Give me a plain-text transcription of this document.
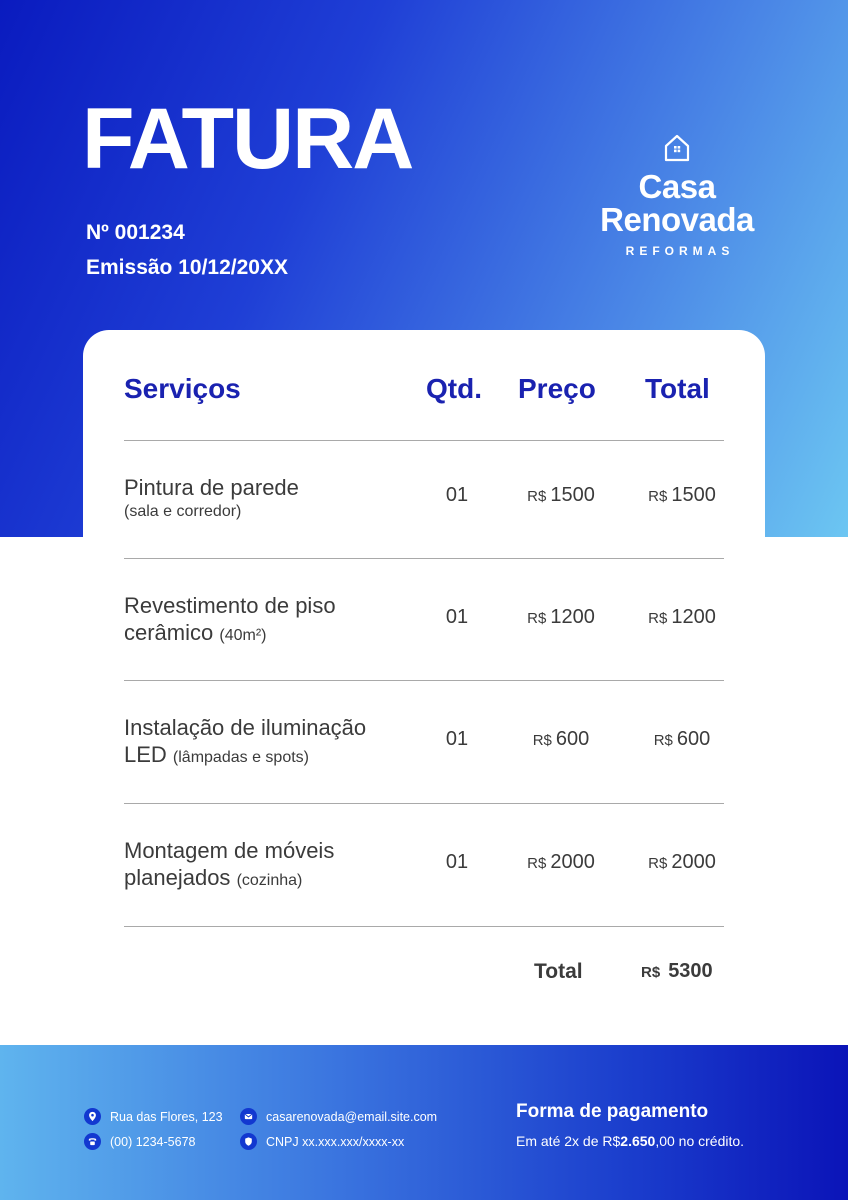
FATURA
Nº 001234
Emissão 10/12/20XX
Casa
Renovada
REFORMAS
Serviços	Qtd. Preço Total
Pintura de parede
(sala e corredor)
01	R$ 1500	R$ 1500
Revestimento de piso
cerâmico (40m²)
01	R$ 1200	R$ 1200
Instalação de iluminação
LED (lâmpadas e spots)
01	R$ 600	R$ 600
Montagem de móveis
planejados (cozinha)
01	R$ 2000	R$ 2000
Total	R$ 5300
Rua das Flores, 123
(00) 1234-5678
casarenovada@email.site.com
CNPJ xx.xxx.xxx/xxxx-xx
Forma de pagamento
Em até 2x de R$2.650,00 no crédito.
